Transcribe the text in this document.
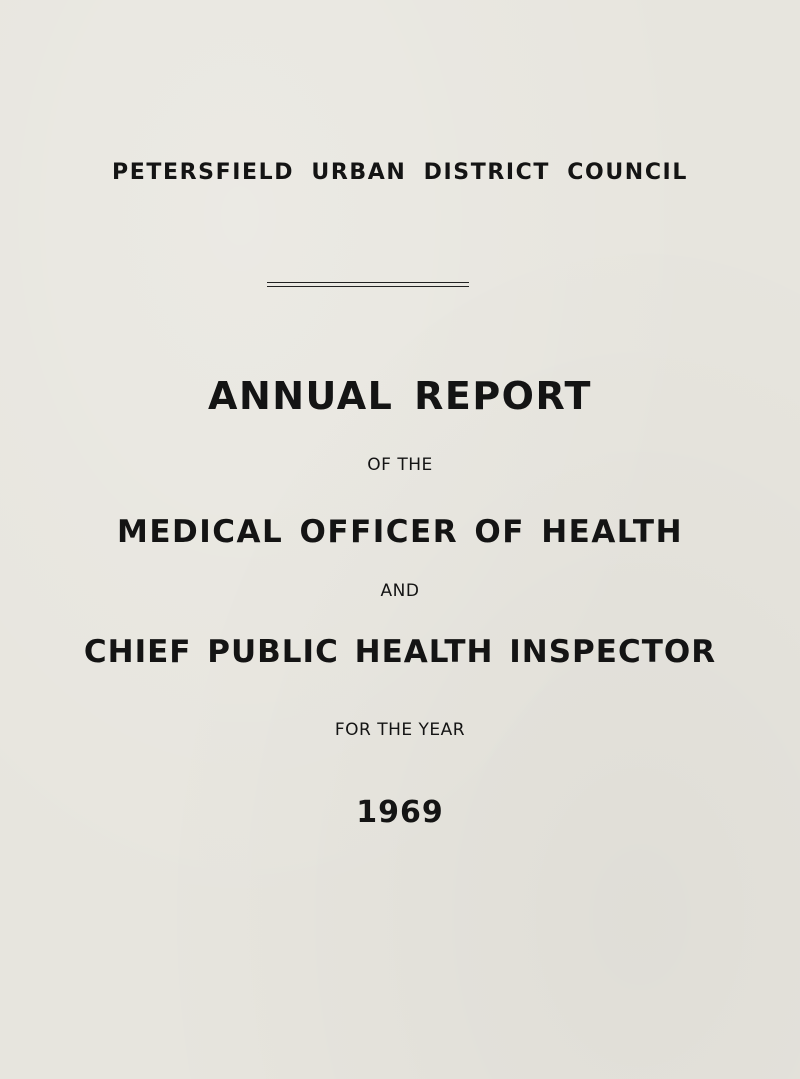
PETERSFIELD URBAN DISTRICT COUNCIL
ANNUAL REPORT
OF THE
MEDICAL OFFICER OF HEALTH
AND
CHIEF PUBLIC HEALTH INSPECTOR
FOR THE YEAR
1969
